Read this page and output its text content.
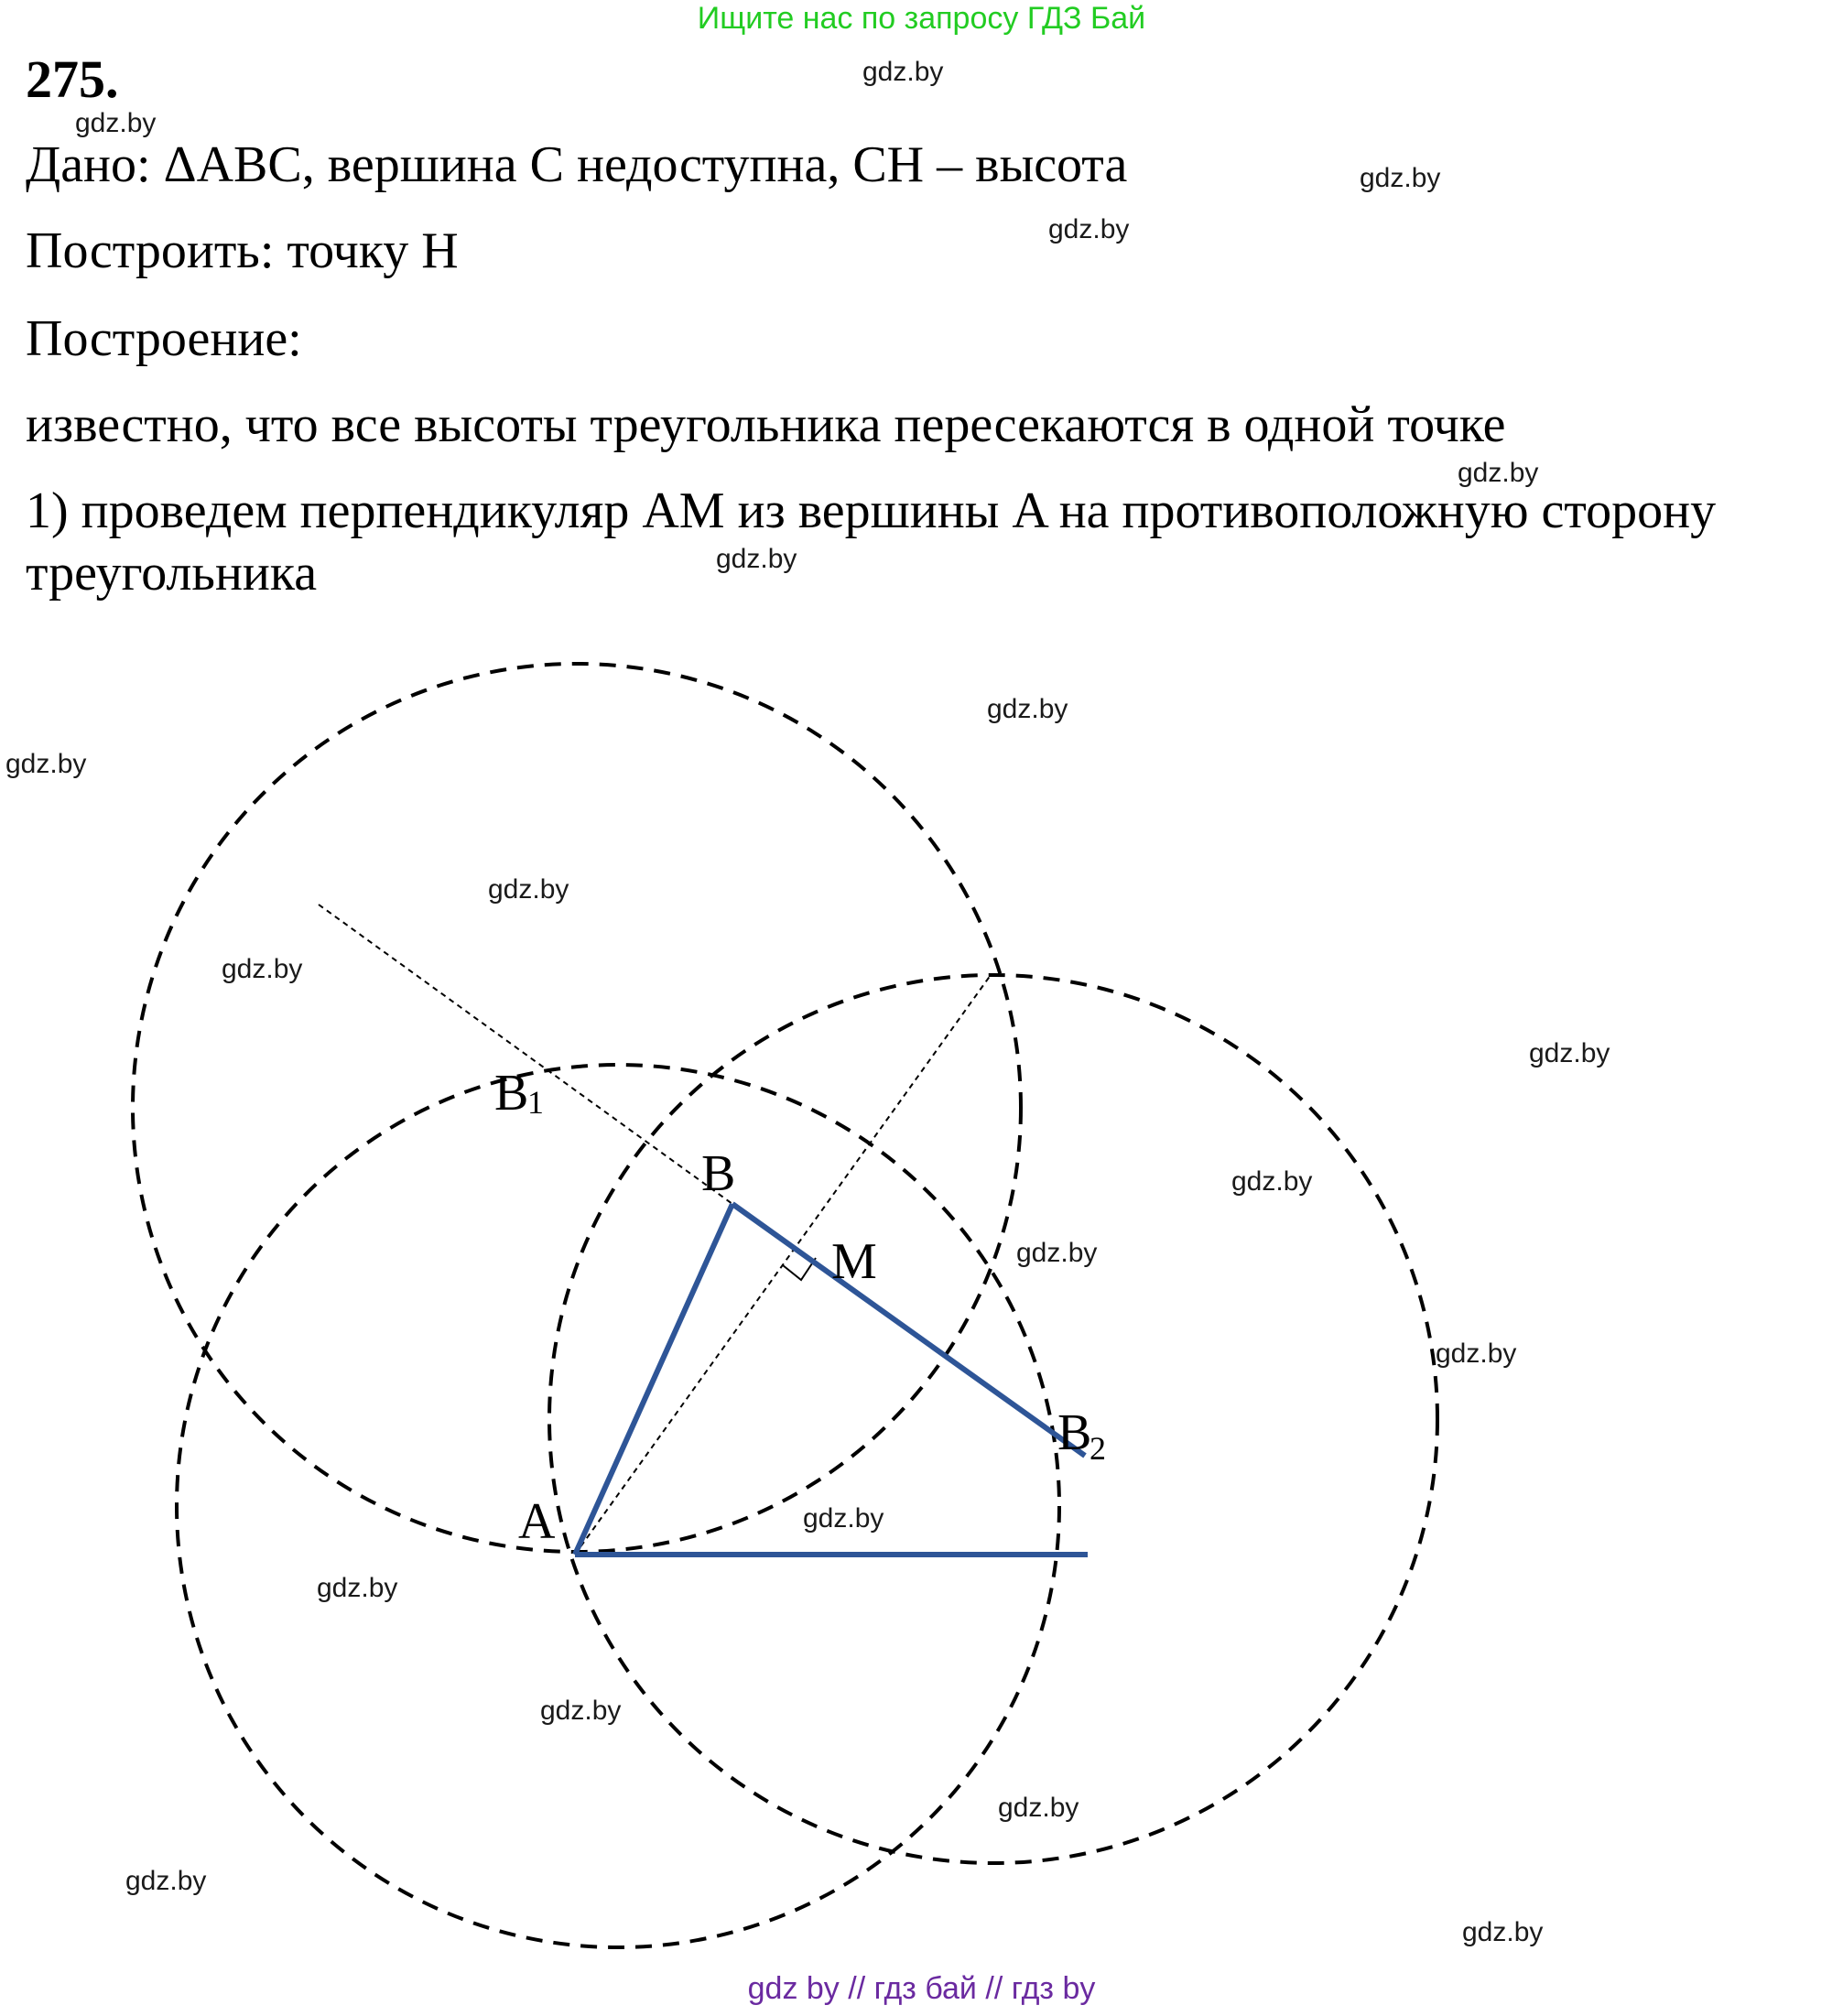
Ищите нас по запросу ГДЗ Бай
275.
Дано: ΔABC, вершина C недоступна, CH – высота
Построить: точку H
Построение:
известно, что все высоты треугольника пересекаются в одной точке
1) проведем перпендикуляр AM из вершины A на противоположную сторону
треугольника
B
1
B
M
B
2
A
gdz.by
gdz.by
gdz.by
gdz.by
gdz.by
gdz.by
gdz.by
gdz.by
gdz.by
gdz.by
gdz.by
gdz.by
gdz.by
gdz.by
gdz.by
gdz.by
gdz.by
gdz.by
gdz.by
gdz.by
gdz by // гдз бай // гдз by
